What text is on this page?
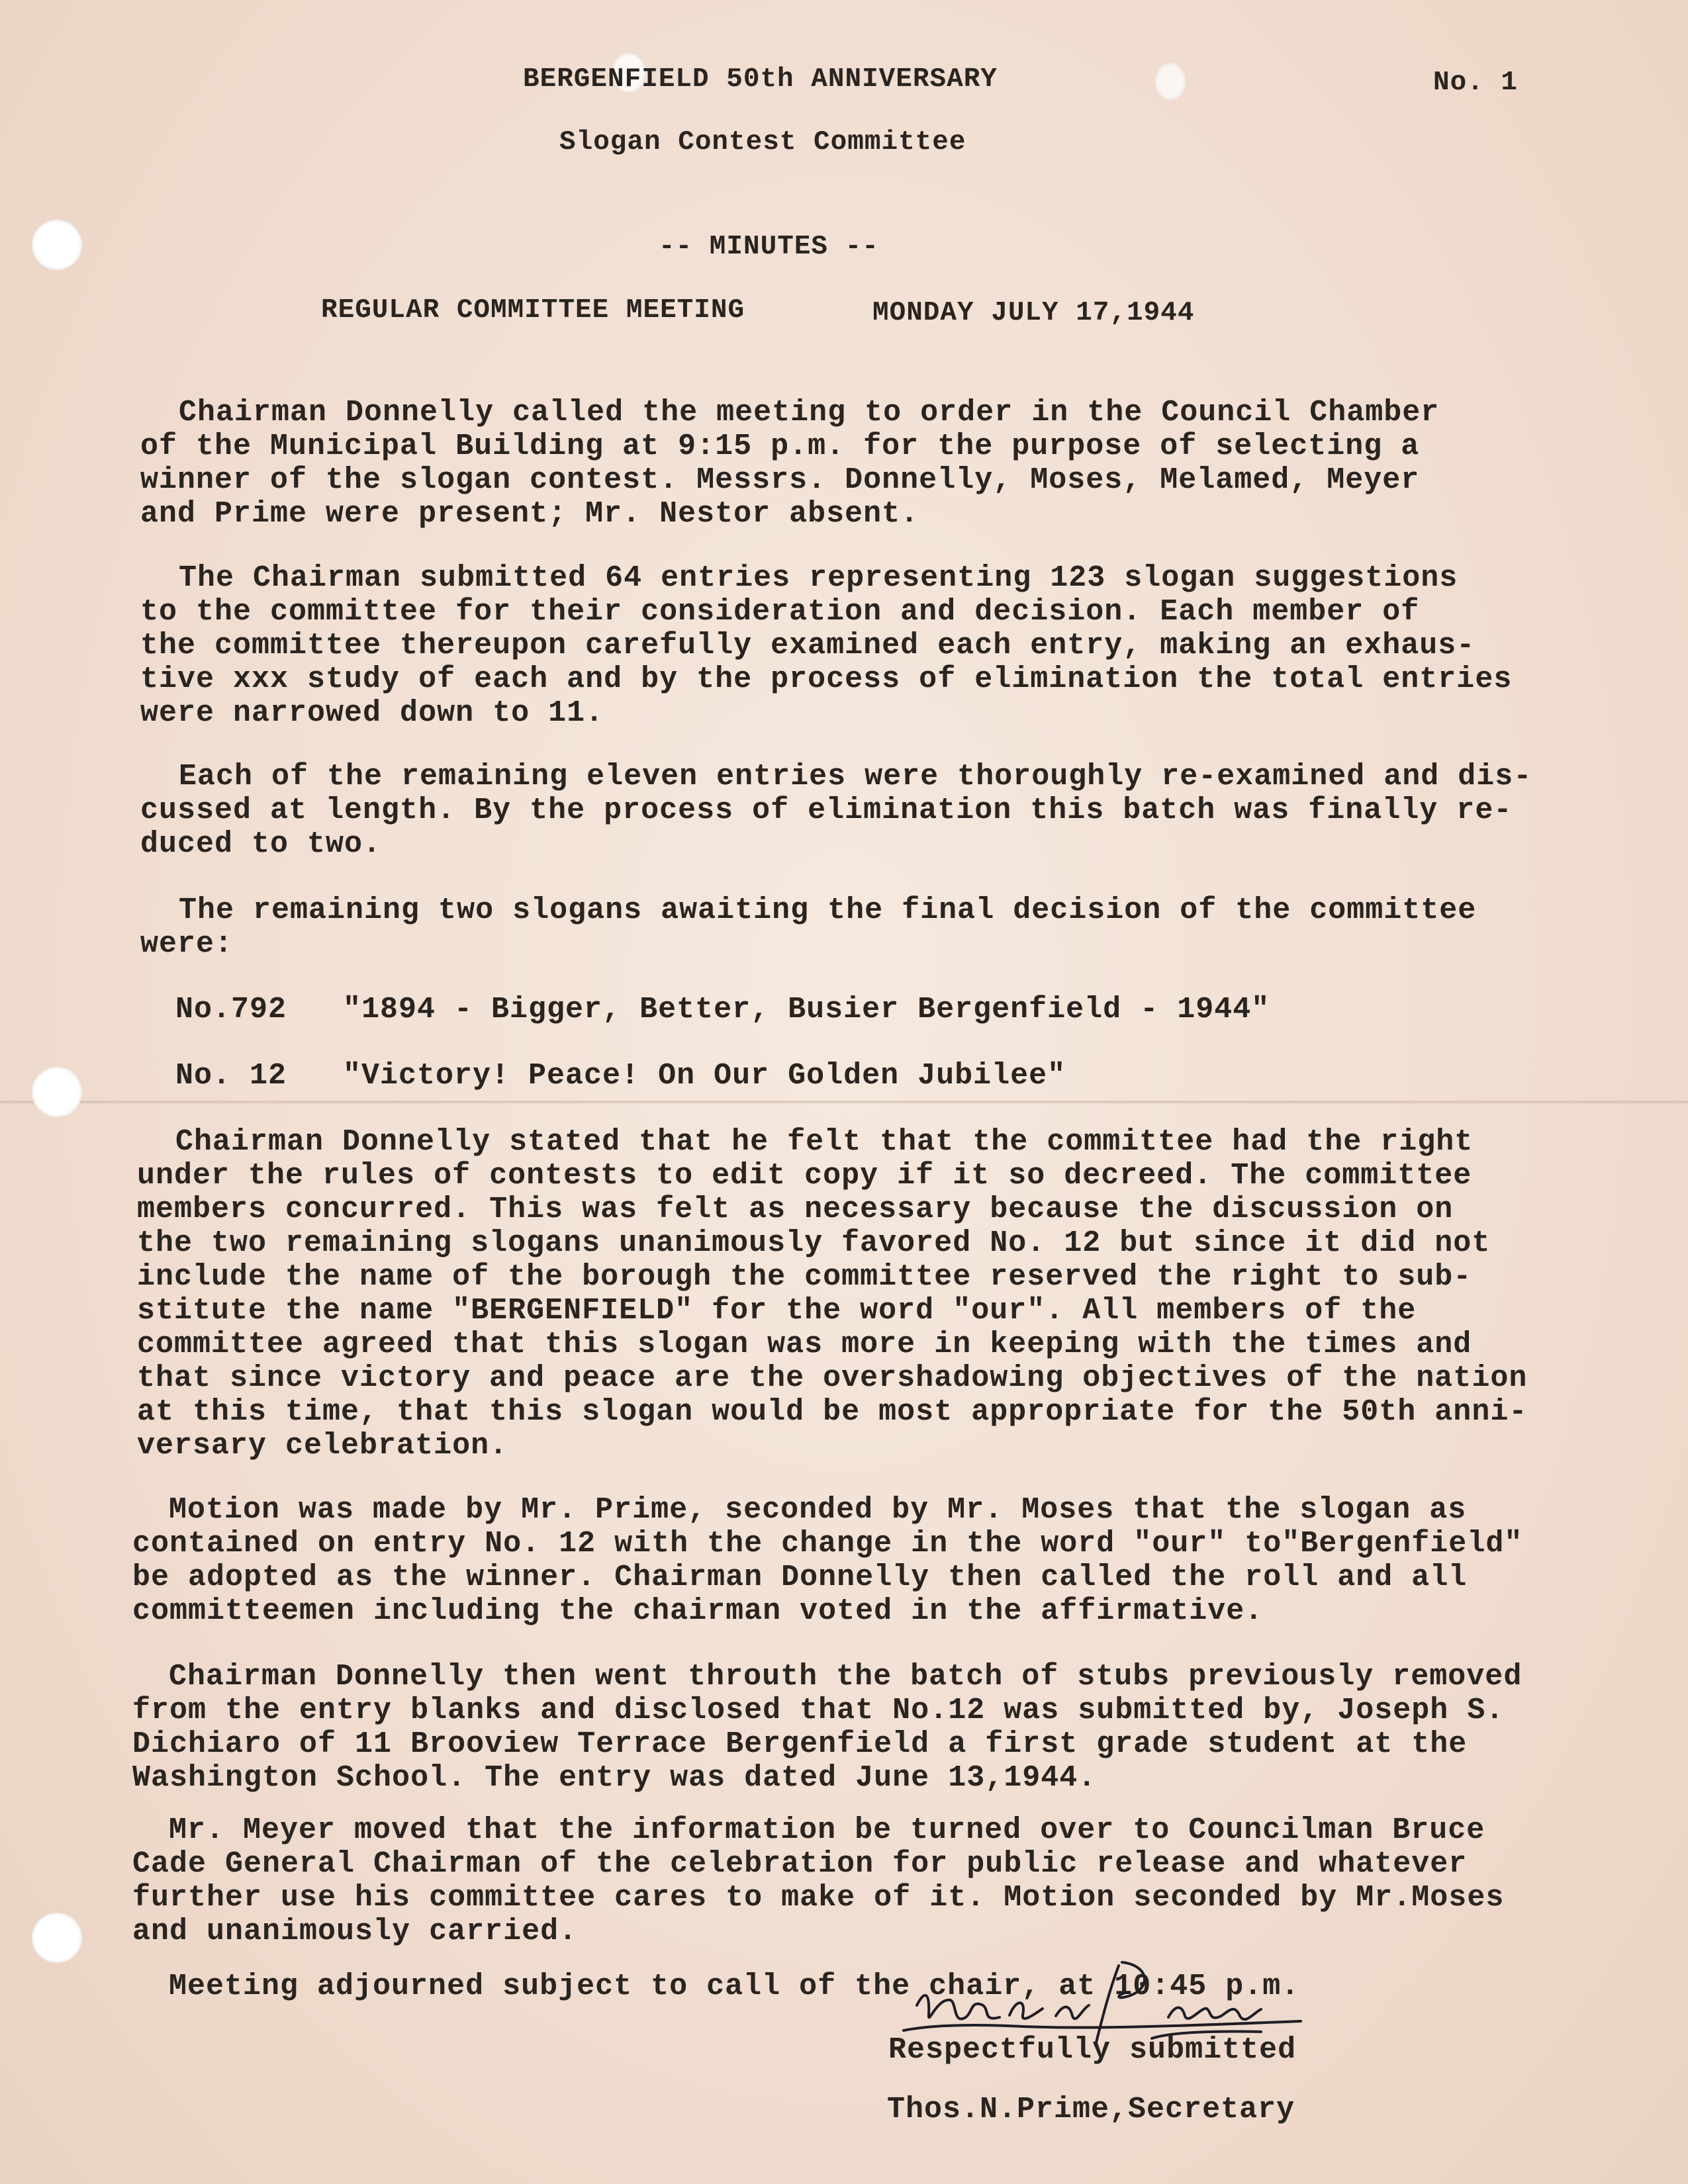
BERGENFIELD 50th ANNIVERSARY	No. 1
Slogan Contest Committee
-- MINUTES --
REGULAR COMMITTEE MEETING	MONDAY JULY 17,1944
Chairman Donnelly called the meeting to order in the Council Chamber
of the Municipal Building at 9:15 p.m. for the purpose of selecting a
winner of the slogan contest. Messrs. Donnelly, Moses, Melamed, Meyer
and Prime were present; Mr. Nestor absent.
The Chairman submitted 64 entries representing 123 slogan suggestions
to the committee for their consideration and decision. Each member of
the committee thereupon carefully examined each entry, making an exhaus-
tive xxx study of each and by the process of elimination the total entries
were narrowed down to 11.
Each of the remaining eleven entries were thoroughly re-examined and dis-
cussed at length. By the process of elimination this batch was finally re-
duced to two.
The remaining two slogans awaiting the final decision of the committee
were:
No.792 "1894 - Bigger, Better, Busier Bergenfield - 1944"
No. 12 "Victory! Peace! On Our Golden Jubilee"
Chairman Donnelly stated that he felt that the committee had the right
under the rules of contests to edit copy if it so decreed. The committee
members concurred. This was felt as necessary because the discussion on
the two remaining slogans unanimously favored No. 12 but since it did not
include the name of the borough the committee reserved the right to sub-
stitute the name "BERGENFIELD" for the word "our". All members of the
committee agreed that this slogan was more in keeping with the times and
that since victory and peace are the overshadowing objectives of the nation
at this time, that this slogan would be most appropriate for the 50th anni-
versary celebration.
Motion was made by Mr. Prime, seconded by Mr. Moses that the slogan as
contained on entry No. 12 with the change in the word "our" to"Bergenfield"
be adopted as the winner. Chairman Donnelly then called the roll and all
committeemen including the chairman voted in the affirmative.
Chairman Donnelly then went throuth the batch of stubs previously removed
from the entry blanks and disclosed that No.12 was submitted by, Joseph S.
Dichiaro of 11 Brooview Terrace Bergenfield a first grade student at the
Washington School. The entry was dated June 13,1944.
Mr. Meyer moved that the information be turned over to Councilman Bruce
Cade General Chairman of the celebration for public release and whatever
further use his committee cares to make of it. Motion seconded by Mr.Moses
and unanimously carried.
Meeting adjourned subject to call of the chair, at 10:45 p.m.
Respectfully submitted
Thos.N.Prime,Secretary
